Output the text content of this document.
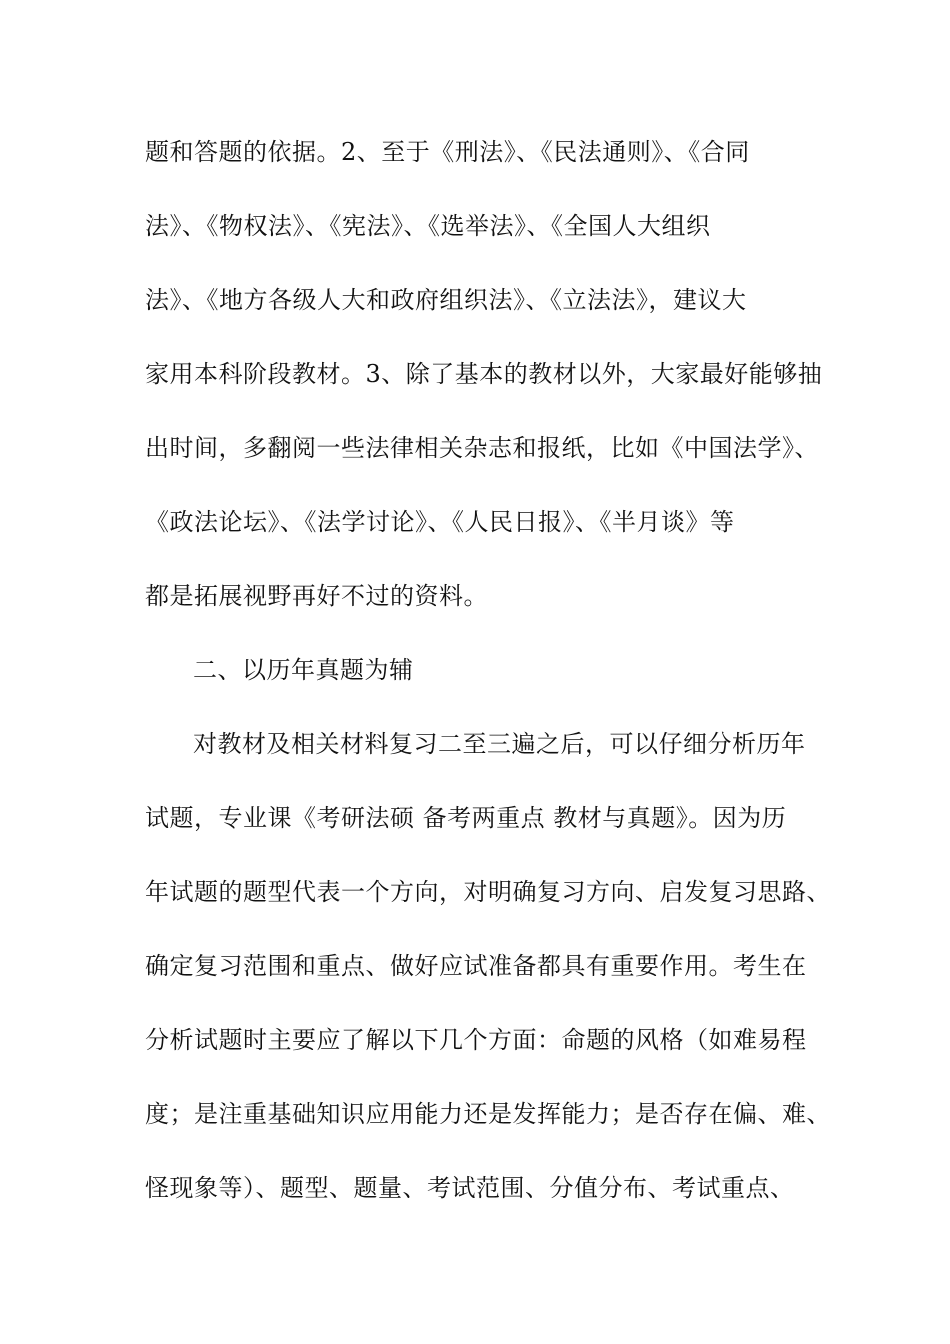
题和答题的依据。2、至于《刑法》、《民法通则》、《合同
法》、《物权法》、《宪法》、《选举法》、《全国人大组织
法》、《地方各级人大和政府组织法》、《立法法》，建议大
家用本科阶段教材。3、除了基本的教材以外，大家最好能够抽
出时间，多翻阅一些法律相关杂志和报纸，比如《中国法学》、
《政法论坛》、《法学讨论》、《人民日报》、《半月谈》等
都是拓展视野再好不过的资料。
二、以历年真题为辅
对教材及相关材料复习二至三遍之后，可以仔细分析历年
试题，专业课《考研法硕 备考两重点 教材与真题》。因为历
年试题的题型代表一个方向，对明确复习方向、启发复习思路、
确定复习范围和重点、做好应试准备都具有重要作用。考生在
分析试题时主要应了解以下几个方面：命题的风格（如难易程
度；是注重基础知识应用能力还是发挥能力；是否存在偏、难、
怪现象等）、题型、题量、考试范围、分值分布、考试重点、
